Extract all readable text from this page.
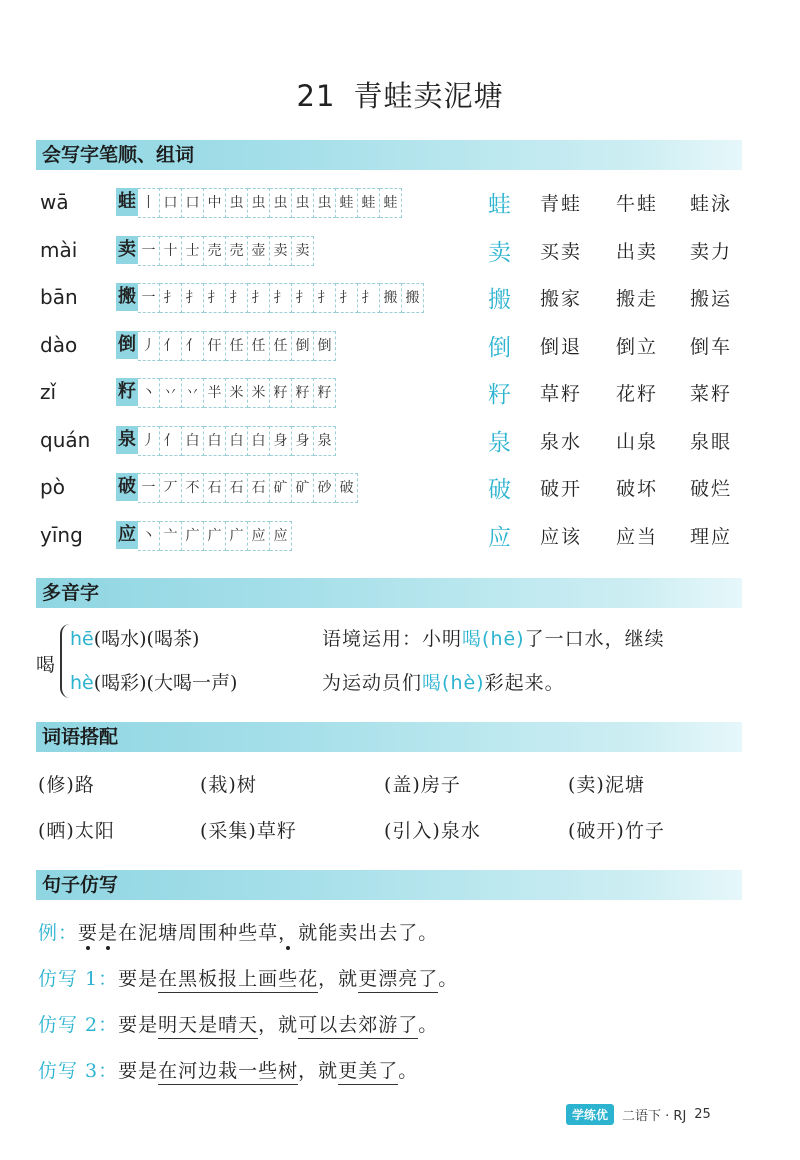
21 青蛙卖泥塘
会写字笔顺、组词
wā	蛙 丨 口 口 中 虫 虫 虫 虫 虫 蛙 蛙 蛙	蛙 青蛙 牛蛙 蛙泳
mài	卖 一 十 士 売 売 壶 卖 卖	卖 买卖 出卖 卖力
bān	搬 一 扌 扌 扌 扌 扌 扌 扌 扌 扌 扌 搬 搬	搬 搬家 搬走 搬运
dào	倒 丿 亻 亻 仠 任 任 任 倒 倒	倒 倒退 倒立 倒车
zǐ	籽 丶 丷 丷 半 米 米 籽 籽 籽	籽 草籽 花籽 菜籽
quán	泉 丿 亻 白 白 白 白 身 身 泉	泉 泉水 山泉 泉眼
pò	破 一 丆 不 石 石 石 矿 矿 砂 破	破 破开 破坏 破烂
yīng	应 丶 亠 广 广 广 应 应	应 应该 应当 理应
多音字
喝
hē(喝水)(喝茶)
hè(喝彩)(大喝一声)
语境运用：小明喝(hē)了一口水，继续
为运动员们喝(hè)彩起来。
词语搭配
(修)路	(栽)树	(盖)房子	(卖)泥塘
(晒)太阳	(采集)草籽	(引入)泉水	(破开)竹子
句子仿写
例：要是在泥塘周围种些草，就能卖出去了。
仿写 1：要是在黑板报上画些花，就更漂亮了。
仿写 2：要是明天是晴天，就可以去郊游了。
仿写 3：要是在河边栽一些树，就更美了。
学练优	二语下 · RJ 25
